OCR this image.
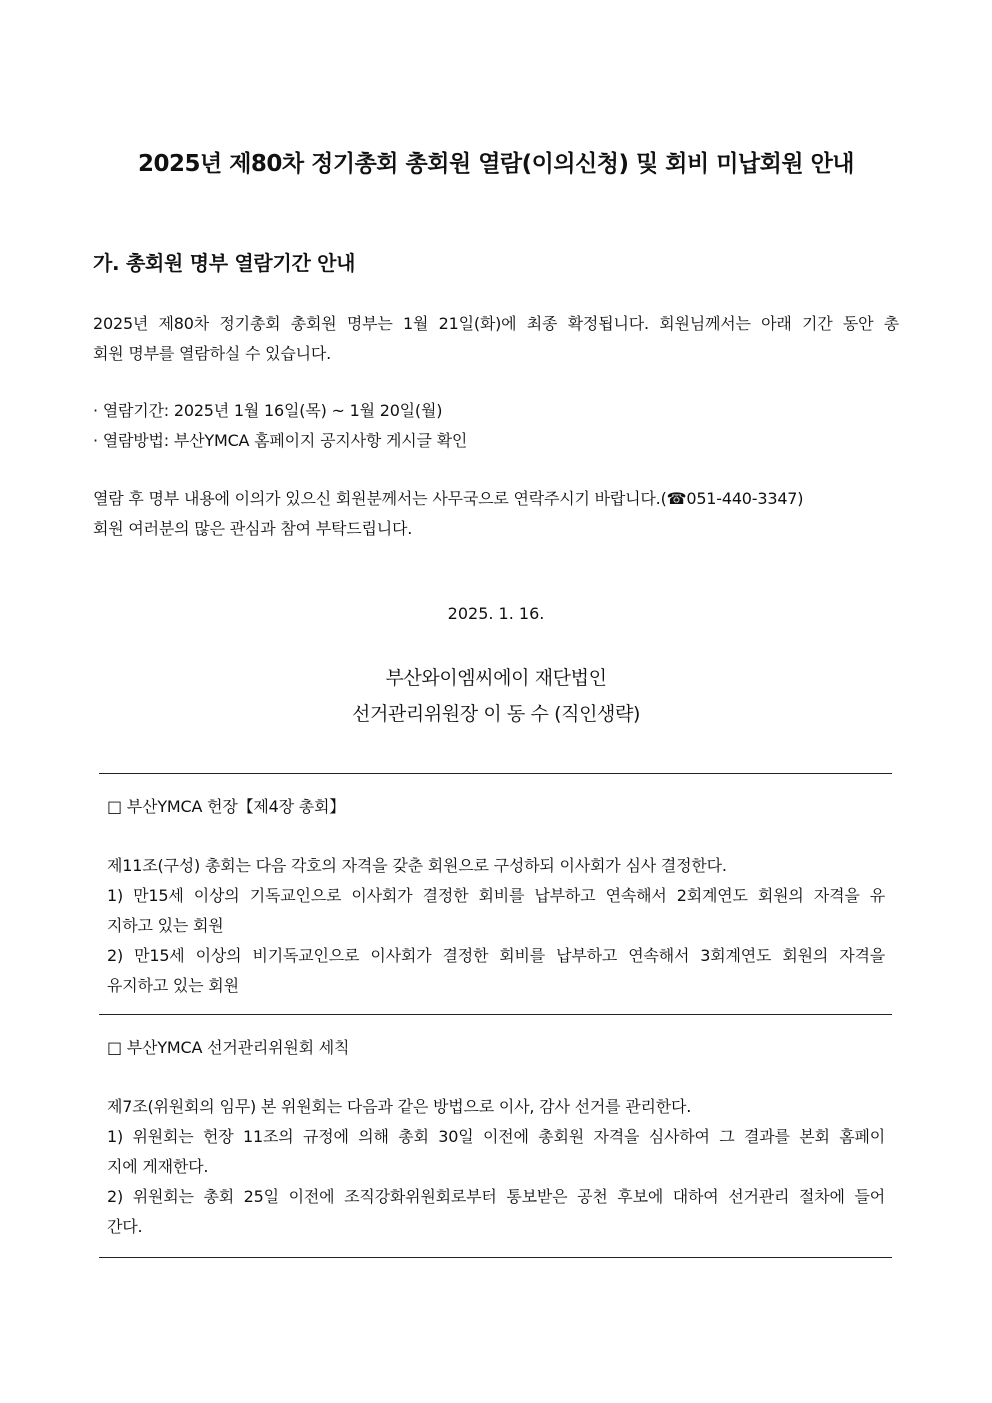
2025년 제80차 정기총회 총회원 열람(이의신청) 및 회비 미납회원 안내
가. 총회원 명부 열람기간 안내
2025년 제80차 정기총회 총회원 명부는 1월 21일(화)에 최종 확정됩니다. 회원님께서는 아래 기간 동안 총
회원 명부를 열람하실 수 있습니다.
· 열람기간: 2025년 1월 16일(목) ~ 1월 20일(월)
· 열람방법: 부산YMCA 홈페이지 공지사항 게시글 확인
열람 후 명부 내용에 이의가 있으신 회원분께서는 사무국으로 연락주시기 바랍니다.(☎051-440-3347)
회원 여러분의 많은 관심과 참여 부탁드립니다.
2025. 1. 16.
부산와이엠씨에이 재단법인
선거관리위원장 이 동 수 (직인생략)
□ 부산YMCA 헌장【제4장 총회】
제11조(구성) 총회는 다음 각호의 자격을 갖춘 회원으로 구성하되 이사회가 심사 결정한다.
1) 만15세 이상의 기독교인으로 이사회가 결정한 회비를 납부하고 연속해서 2회계연도 회원의 자격을 유
지하고 있는 회원
2) 만15세 이상의 비기독교인으로 이사회가 결정한 회비를 납부하고 연속해서 3회계연도 회원의 자격을
유지하고 있는 회원
□ 부산YMCA 선거관리위원회 세칙
제7조(위원회의 임무) 본 위원회는 다음과 같은 방법으로 이사, 감사 선거를 관리한다.
1) 위원회는 헌장 11조의 규정에 의해 총회 30일 이전에 총회원 자격을 심사하여 그 결과를 본회 홈페이
지에 게재한다.
2) 위원회는 총회 25일 이전에 조직강화위원회로부터 통보받은 공천 후보에 대하여 선거관리 절차에 들어
간다.
